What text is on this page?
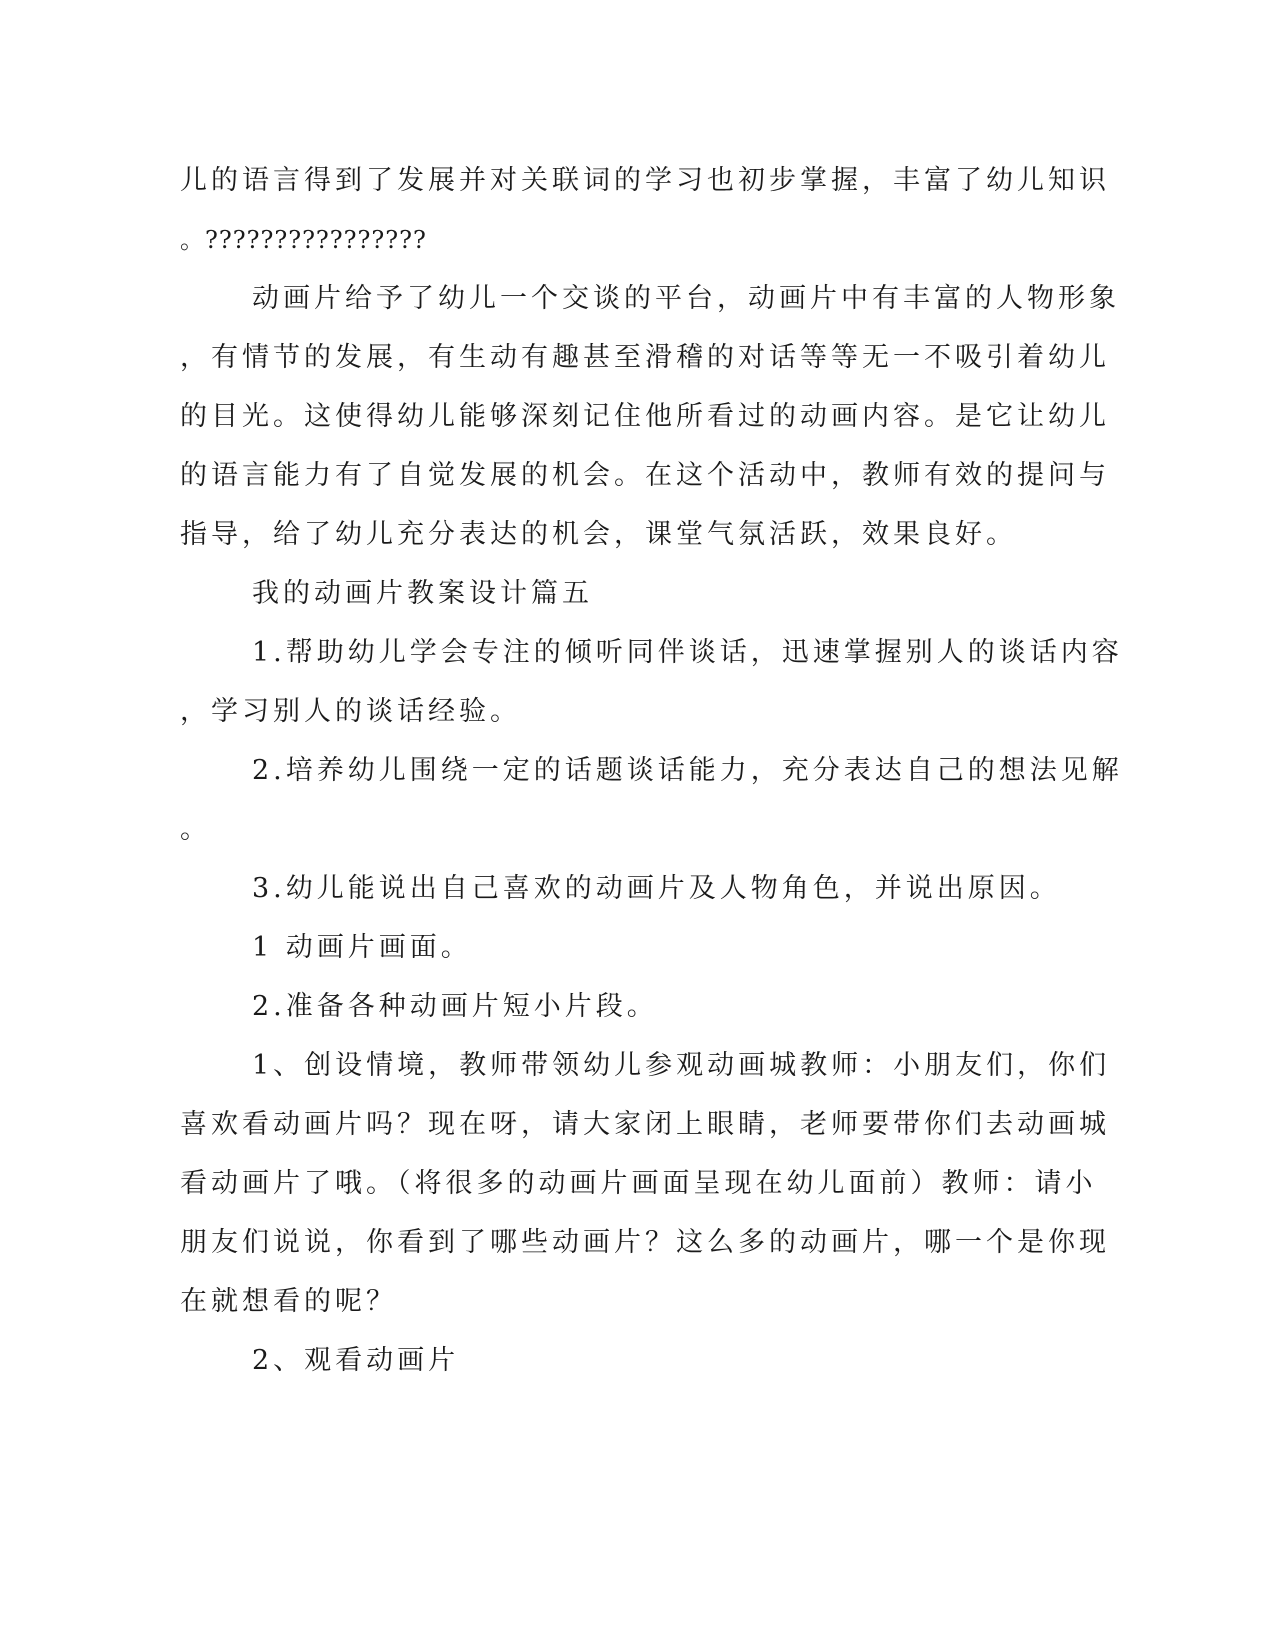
儿的语言得到了发展并对关联词的学习也初步掌握，丰富了幼儿知识
。????????????????
动画片给予了幼儿一个交谈的平台，动画片中有丰富的人物形象
，有情节的发展，有生动有趣甚至滑稽的对话等等无一不吸引着幼儿
的目光。这使得幼儿能够深刻记住他所看过的动画内容。是它让幼儿
的语言能力有了自觉发展的机会。在这个活动中，教师有效的提问与
指导，给了幼儿充分表达的机会，课堂气氛活跃，效果良好。
我的动画片教案设计篇五
1.帮助幼儿学会专注的倾听同伴谈话，迅速掌握别人的谈话内容
，学习别人的谈话经验。
2.培养幼儿围绕一定的话题谈话能力，充分表达自己的想法见解
。
3.幼儿能说出自己喜欢的动画片及人物角色，并说出原因。
1 动画片画面。
2.准备各种动画片短小片段。
1、创设情境，教师带领幼儿参观动画城教师：小朋友们，你们
喜欢看动画片吗？现在呀，请大家闭上眼睛，老师要带你们去动画城
看动画片了哦。（将很多的动画片画面呈现在幼儿面前）教师：请小
朋友们说说，你看到了哪些动画片？这么多的动画片，哪一个是你现
在就想看的呢？
2、观看动画片
